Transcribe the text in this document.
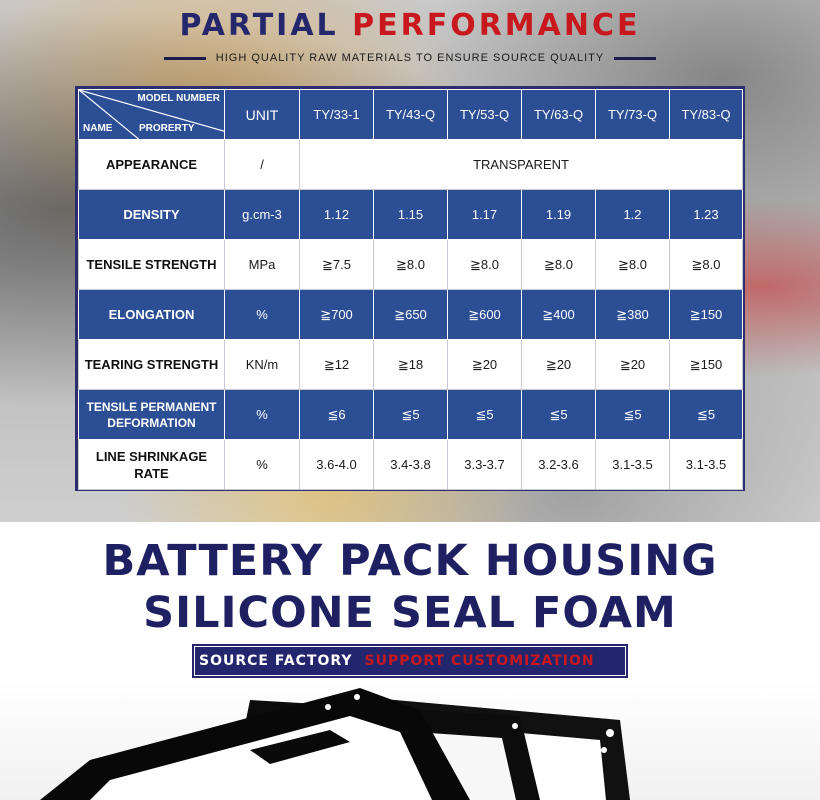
PARTIAL PERFORMANCE
HIGH QUALITY RAW MATERIALS TO ENSURE SOURCE QUALITY
MODEL NUMBER
NAME PRORERTY	UNIT	TY/33-1	TY/43-Q	TY/53-Q	TY/63-Q	TY/73-Q	TY/83-Q
APPEARANCE	/	TRANSPARENT					
DENSITY	g.cm-3	1.12	1.15	1.17	1.19	1.2	1.23
TENSILE STRENGTH	MPa	≧7.5	≧8.0	≧8.0	≧8.0	≧8.0	≧8.0
ELONGATION	%	≧700	≧650	≧600	≧400	≧380	≧150
TEARING STRENGTH	KN/m	≧12	≧18	≧20	≧20	≧20	≧150
TENSILE PERMANENT
DEFORMATION	%	≦6	≦5	≦5	≦5	≦5	≦5
LINE SHRINKAGE
RATE	%	3.6-4.0	3.4-3.8	3.3-3.7	3.2-3.6	3.1-3.5	3.1-3.5
BATTERY PACK HOUSING
SILICONE SEAL FOAM
SOURCE FACTORY SUPPORT CUSTOMIZATION
